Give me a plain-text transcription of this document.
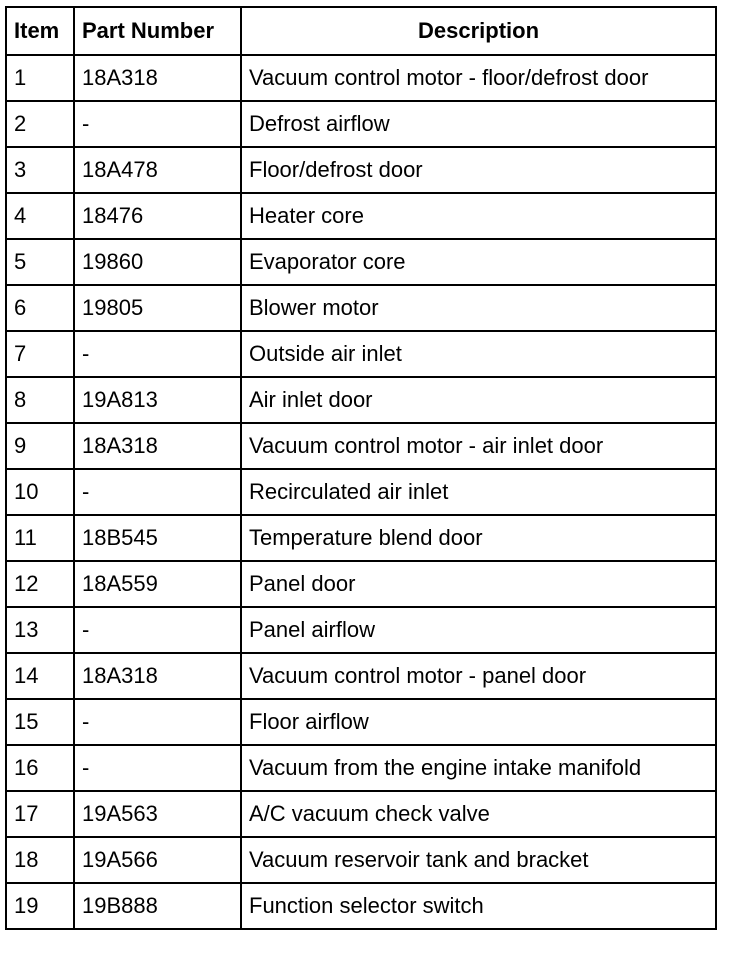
Item	Part Number	Description
1	18A318	Vacuum control motor - floor/defrost door
2	-	Defrost airflow
3	18A478	Floor/defrost door
4	18476	Heater core
5	19860	Evaporator core
6	19805	Blower motor
7	-	Outside air inlet
8	19A813	Air inlet door
9	18A318	Vacuum control motor - air inlet door
10	-	Recirculated air inlet
11	18B545	Temperature blend door
12	18A559	Panel door
13	-	Panel airflow
14	18A318	Vacuum control motor - panel door
15	-	Floor airflow
16	-	Vacuum from the engine intake manifold
17	19A563	A/C vacuum check valve
18	19A566	Vacuum reservoir tank and bracket
19	19B888	Function selector switch
